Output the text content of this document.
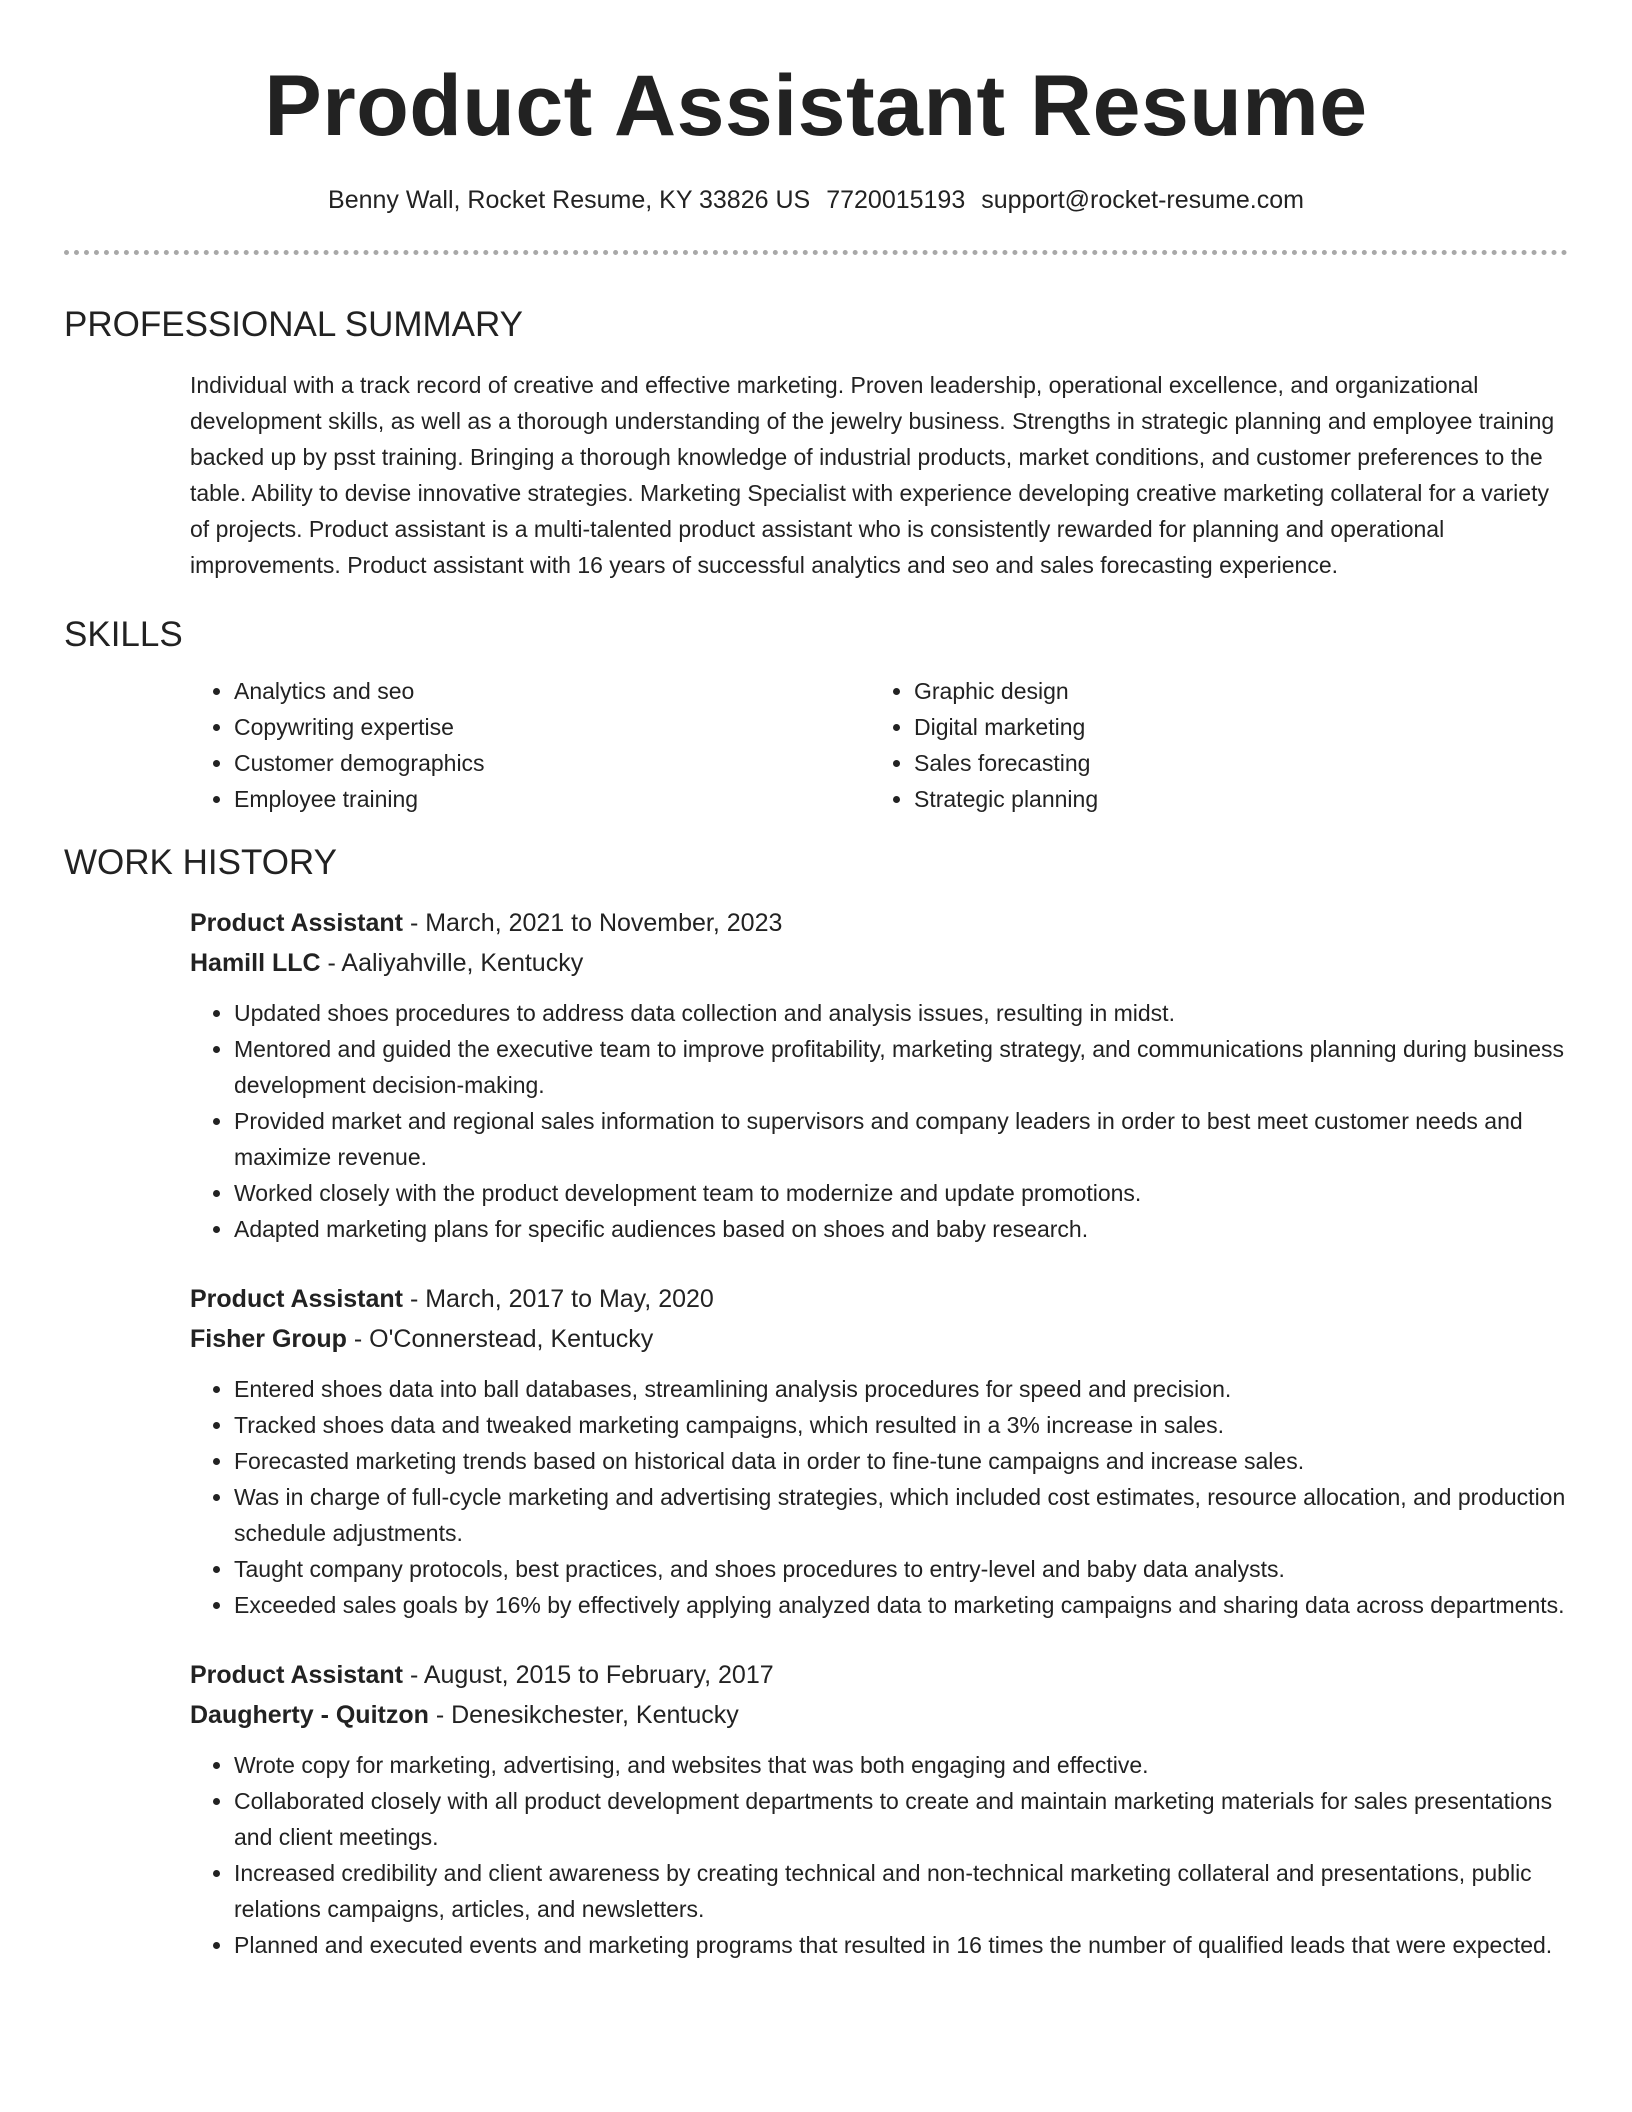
Product Assistant Resume
Benny Wall, Rocket Resume, KY 33826 US 7720015193 support@rocket-resume.com
PROFESSIONAL SUMMARY

Individual with a track record of creative and effective marketing. Proven leadership, operational excellence, and organizational development skills, as well as a thorough understanding of the jewelry business. Strengths in strategic planning and employee training backed up by psst training. Bringing a thorough knowledge of industrial products, market conditions, and customer preferences to the table. Ability to devise innovative strategies. Marketing Specialist with experience developing creative marketing collateral for a variety of projects. Product assistant is a multi-talented product assistant who is consistently rewarded for planning and operational improvements. Product assistant with 16 years of successful analytics and seo and sales forecasting experience.

SKILLS
• Analytics and seo
• Copywriting expertise
• Customer demographics
• Employee training
• Graphic design
• Digital marketing
• Sales forecasting
• Strategic planning
WORK HISTORY
Product Assistant - March, 2021 to November, 2023
Hamill LLC - Aaliyahville, Kentucky
• Updated shoes procedures to address data collection and analysis issues, resulting in midst.
• Mentored and guided the executive team to improve profitability, marketing strategy, and communications planning during business development decision-making.
• Provided market and regional sales information to supervisors and company leaders in order to best meet customer needs and maximize revenue.
• Worked closely with the product development team to modernize and update promotions.
• Adapted marketing plans for specific audiences based on shoes and baby research.
Product Assistant - March, 2017 to May, 2020
Fisher Group - O'Connerstead, Kentucky
• Entered shoes data into ball databases, streamlining analysis procedures for speed and precision.
• Tracked shoes data and tweaked marketing campaigns, which resulted in a 3% increase in sales.
• Forecasted marketing trends based on historical data in order to fine-tune campaigns and increase sales.
• Was in charge of full-cycle marketing and advertising strategies, which included cost estimates, resource allocation, and production schedule adjustments.
• Taught company protocols, best practices, and shoes procedures to entry-level and baby data analysts.
• Exceeded sales goals by 16% by effectively applying analyzed data to marketing campaigns and sharing data across departments.
Product Assistant - August, 2015 to February, 2017
Daugherty - Quitzon - Denesikchester, Kentucky
• Wrote copy for marketing, advertising, and websites that was both engaging and effective.
• Collaborated closely with all product development departments to create and maintain marketing materials for sales presentations and client meetings.
• Increased credibility and client awareness by creating technical and non-technical marketing collateral and presentations, public relations campaigns, articles, and newsletters.
• Planned and executed events and marketing programs that resulted in 16 times the number of qualified leads that were expected.
